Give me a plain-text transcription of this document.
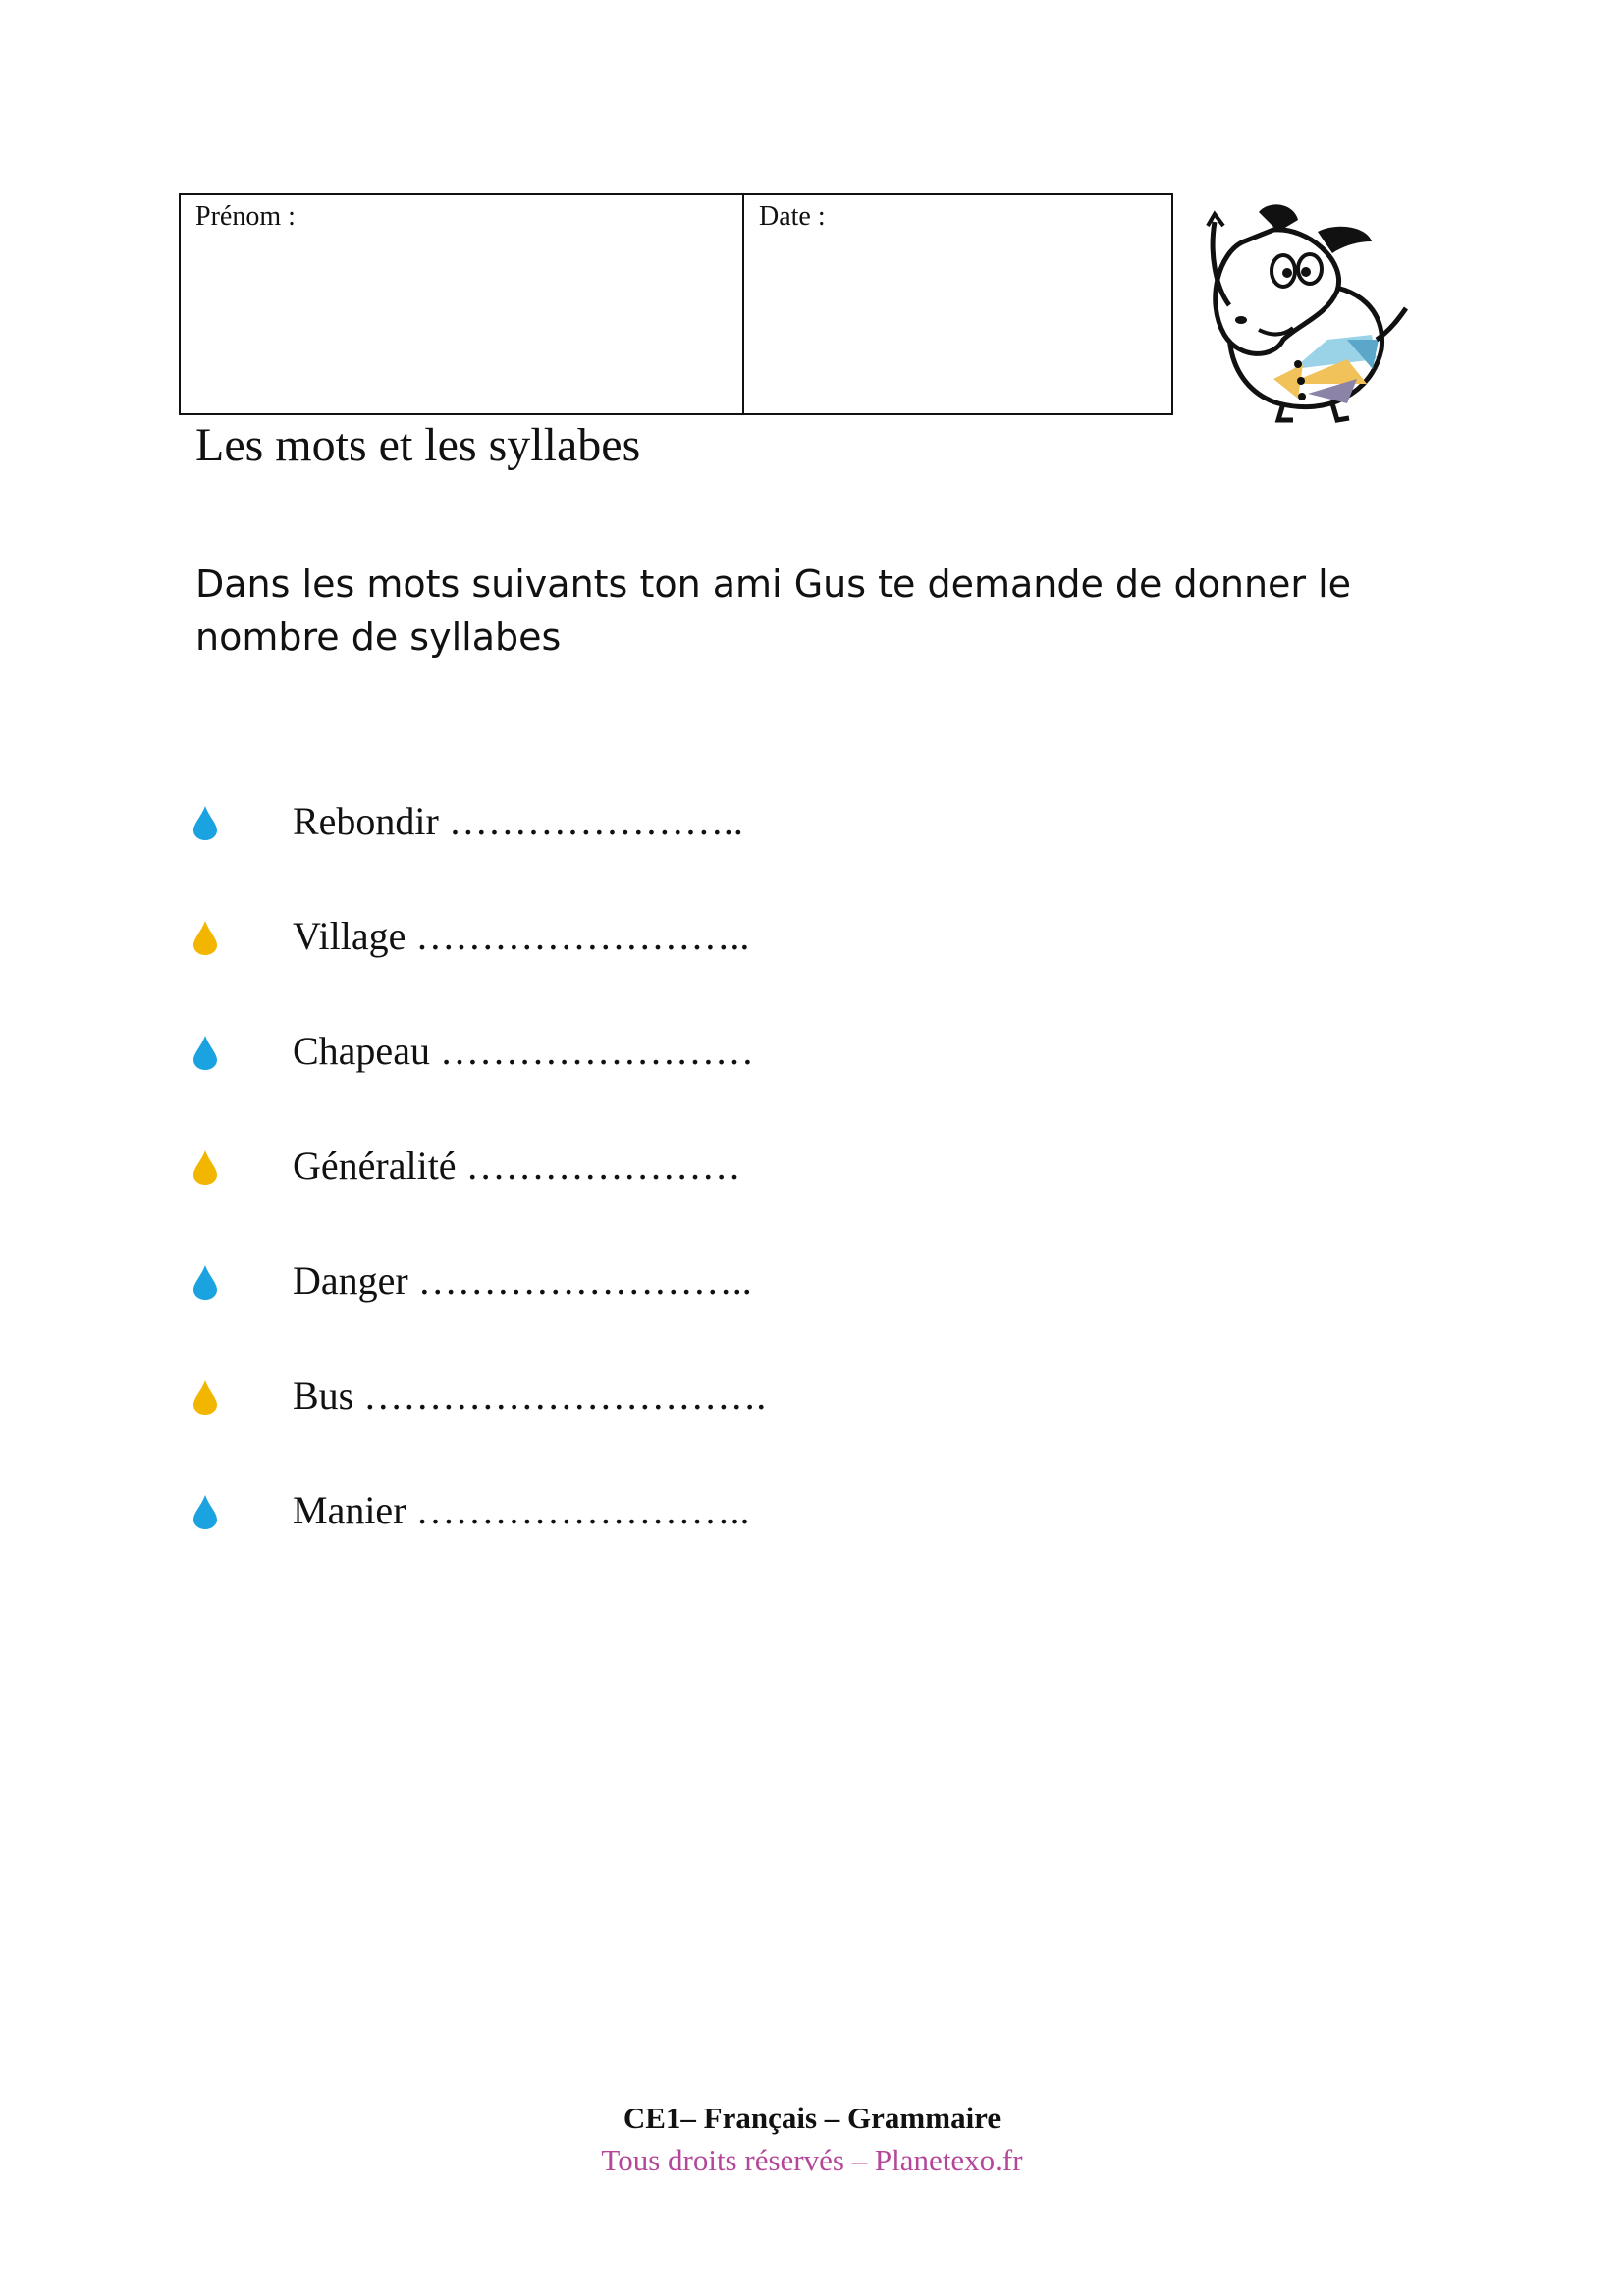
Prénom :	Date :
Les mots et les syllabes

Dans les mots suivants ton ami Gus te demande de donner le nombre de syllabes

Rebondir …………………..
Village ……………………..
Chapeau ……………………
Généralité …………………
Danger ……………………..
Bus ………………………….
Manier ……………………..
CE1– Français – Grammaire
Tous droits réservés – Planetexo.fr
